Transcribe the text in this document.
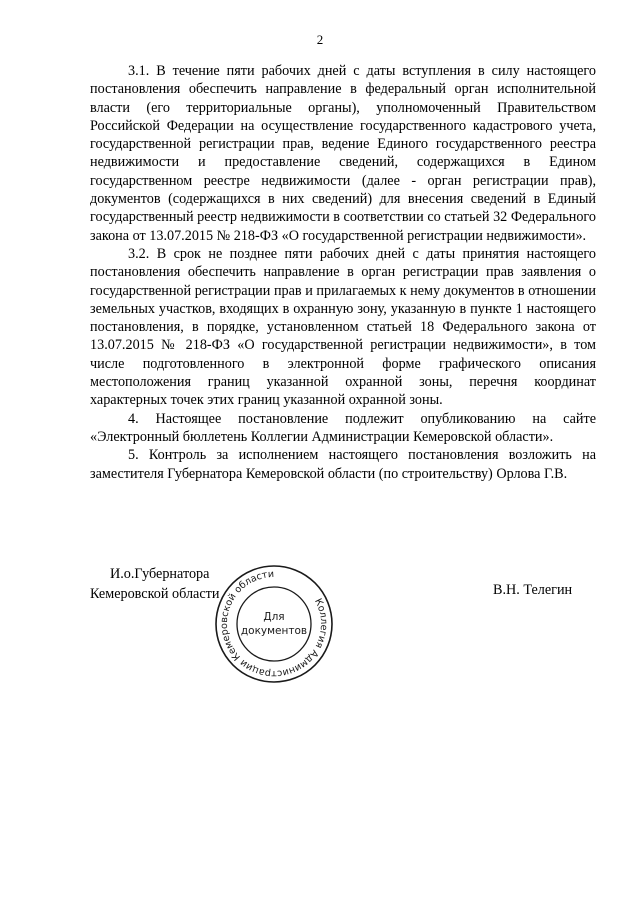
2

3.1. В течение пяти рабочих дней с даты вступления в силу настоящего постановления обеспечить направление в федеральный орган исполнительной власти (его территориальные органы), уполномоченный Правительством Российской Федерации на осуществление государственного кадастрового учета, государственной регистрации прав, ведение Единого государственного реестра недвижимости и предоставление сведений, содержащихся в Едином государственном реестре недвижимости (далее - орган регистрации прав), документов (содержащихся в них сведений) для внесения сведений в Единый государственный реестр недвижимости в соответствии со статьей 32 Федерального закона от 13.07.2015 № 218-ФЗ «О государственной регистрации недвижимости».

3.2. В срок не позднее пяти рабочих дней с даты принятия настоящего постановления обеспечить направление в орган регистрации прав заявления о государственной регистрации прав и прилагаемых к нему документов в отношении земельных участков, входящих в охранную зону, указанную в пункте 1 настоящего постановления, в порядке, установленном статьей 18 Федерального закона от 13.07.2015 № 218-ФЗ «О государственной регистрации недвижимости», в том числе подготовленного в электронной форме графического описания местоположения границ указанной охранной зоны, перечня координат характерных точек этих границ указанной охранной зоны.

4. Настоящее постановление подлежит опубликованию на сайте «Электронный бюллетень Коллегии Администрации Кемеровской области».

5. Контроль за исполнением настоящего постановления возложить на заместителя Губернатора Кемеровской области (по строительству) Орлова Г.В.

И.о.Губернатора
Кемеровской области	В.Н. Телегин
Коллегия Администрации Кемеровской области
Для
документов
